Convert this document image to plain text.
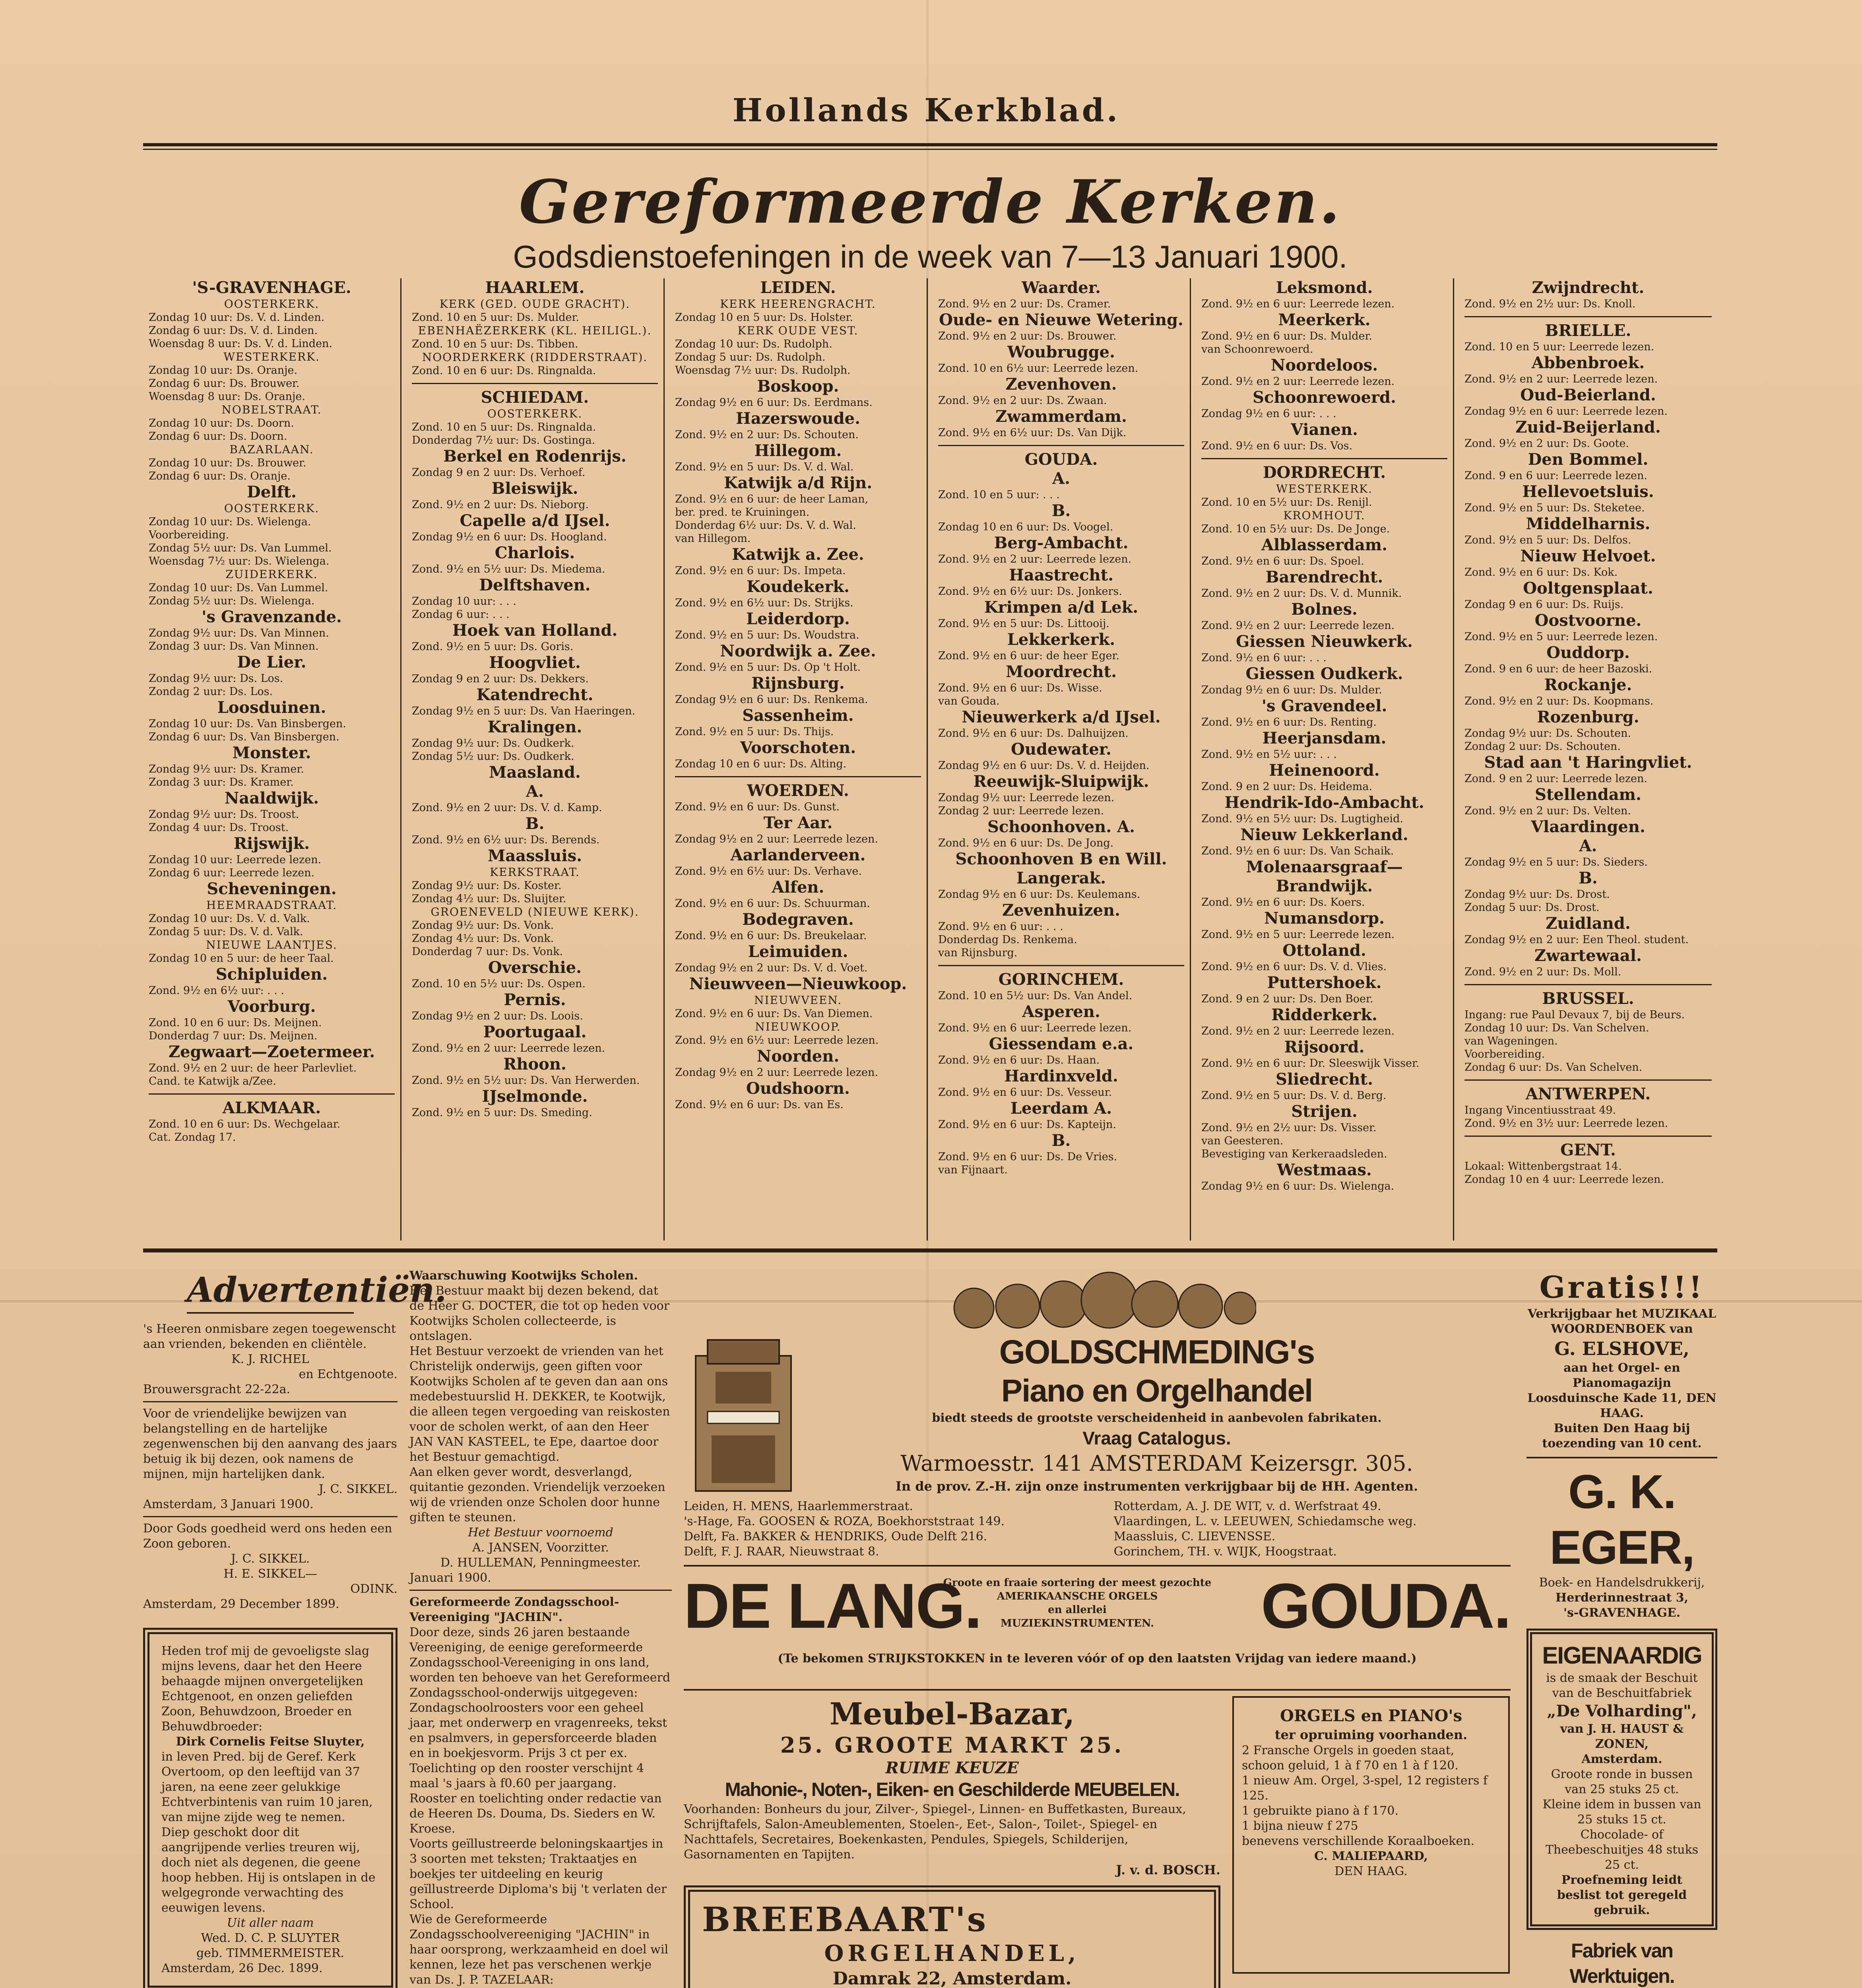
Hollands Kerkblad.
Gereformeerde Kerken.
Godsdienstoefeningen in de week van 7—13 Januari 1900.
'S-GRAVENHAGE.
OOSTERKERK.
Zondag 10 uur: Ds. V. d. Linden.
Zondag 6 uur: Ds. V. d. Linden.
Woensdag 8 uur: Ds. V. d. Linden.
WESTERKERK.
Zondag 10 uur: Ds. Oranje.
Zondag 6 uur: Ds. Brouwer.
Woensdag 8 uur: Ds. Oranje.
NOBELSTRAAT.
Zondag 10 uur: Ds. Doorn.
Zondag 6 uur: Ds. Doorn.
BAZARLAAN.
Zondag 10 uur: Ds. Brouwer.
Zondag 6 uur: Ds. Oranje.
Delft.
OOSTERKERK.
Zondag 10 uur: Ds. Wielenga.
Voorbereiding.
Zondag 5½ uur: Ds. Van Lummel.
Woensdag 7½ uur: Ds. Wielenga.
ZUIDERKERK.
Zondag 10 uur: Ds. Van Lummel.
Zondag 5½ uur: Ds. Wielenga.
's Gravenzande.
Zondag 9½ uur: Ds. Van Minnen.
Zondag 3 uur: Ds. Van Minnen.
De Lier.
Zondag 9½ uur: Ds. Los.
Zondag 2 uur: Ds. Los.
Loosduinen.
Zondag 10 uur: Ds. Van Binsbergen.
Zondag 6 uur: Ds. Van Binsbergen.
Monster.
Zondag 9½ uur: Ds. Kramer.
Zondag 3 uur: Ds. Kramer.
Naaldwijk.
Zondag 9½ uur: Ds. Troost.
Zondag 4 uur: Ds. Troost.
Rijswijk.
Zondag 10 uur: Leerrede lezen.
Zondag 6 uur: Leerrede lezen.
Scheveningen.
HEEMRAADSTRAAT.
Zondag 10 uur: Ds. V. d. Valk.
Zondag 5 uur: Ds. V. d. Valk.
NIEUWE LAANTJES.
Zondag 10 en 5 uur: de heer Taal.
Schipluiden.
Zond. 9½ en 6½ uur: . . .
Voorburg.
Zond. 10 en 6 uur: Ds. Meijnen.
Donderdag 7 uur: Ds. Meijnen.
Zegwaart—Zoetermeer.
Zond. 9½ en 2 uur: de heer Parlevliet.
Cand. te Katwijk a/Zee.
ALKMAAR.
Zond. 10 en 6 uur: Ds. Wechgelaar.
Cat. Zondag 17.
HAARLEM.
KERK (GED. OUDE GRACHT).
Zond. 10 en 5 uur: Ds. Mulder.
EBENHAËZERKERK (KL. HEILIGL.).
Zond. 10 en 5 uur: Ds. Tibben.
NOORDERKERK (RIDDERSTRAAT).
Zond. 10 en 6 uur: Ds. Ringnalda.
SCHIEDAM.
OOSTERKERK.
Zond. 10 en 5 uur: Ds. Ringnalda.
Donderdag 7½ uur: Ds. Gostinga.
Berkel en Rodenrijs.
Zondag 9 en 2 uur: Ds. Verhoef.
Bleiswijk.
Zond. 9½ en 2 uur: Ds. Nieborg.
Capelle a/d IJsel.
Zondag 9½ en 6 uur: Ds. Hoogland.
Charlois.
Zond. 9½ en 5½ uur: Ds. Miedema.
Delftshaven.
Zondag 10 uur: . . .
Zondag 6 uur: . . .
Hoek van Holland.
Zond. 9½ en 5 uur: Ds. Goris.
Hoogvliet.
Zondag 9 en 2 uur: Ds. Dekkers.
Katendrecht.
Zondag 9½ en 5 uur: Ds. Van Haeringen.
Kralingen.
Zondag 9½ uur: Ds. Oudkerk.
Zondag 5½ uur: Ds. Oudkerk.
Maasland.
A.
Zond. 9½ en 2 uur: Ds. V. d. Kamp.
B.
Zond. 9½ en 6½ uur: Ds. Berends.
Maassluis.
KERKSTRAAT.
Zondag 9½ uur: Ds. Koster.
Zondag 4½ uur: Ds. Sluijter.
GROENEVELD (NIEUWE KERK).
Zondag 9½ uur: Ds. Vonk.
Zondag 4½ uur: Ds. Vonk.
Donderdag 7 uur: Ds. Vonk.
Overschie.
Zond. 10 en 5½ uur: Ds. Ospen.
Pernis.
Zondag 9½ en 2 uur: Ds. Loois.
Poortugaal.
Zond. 9½ en 2 uur: Leerrede lezen.
Rhoon.
Zond. 9½ en 5½ uur: Ds. Van Herwerden.
IJselmonde.
Zond. 9½ en 5 uur: Ds. Smeding.
LEIDEN.
KERK HEERENGRACHT.
Zondag 10 en 5 uur: Ds. Holster.
KERK OUDE VEST.
Zondag 10 uur: Ds. Rudolph.
Zondag 5 uur: Ds. Rudolph.
Woensdag 7½ uur: Ds. Rudolph.
Boskoop.
Zondag 9½ en 6 uur: Ds. Eerdmans.
Hazerswoude.
Zond. 9½ en 2 uur: Ds. Schouten.
Hillegom.
Zond. 9½ en 5 uur: Ds. V. d. Wal.
Katwijk a/d Rijn.
Zond. 9½ en 6 uur: de heer Laman,
ber. pred. te Kruiningen.
Donderdag 6½ uur: Ds. V. d. Wal.
van Hillegom.
Katwijk a. Zee.
Zond. 9½ en 6 uur: Ds. Impeta.
Koudekerk.
Zond. 9½ en 6½ uur: Ds. Strijks.
Leiderdorp.
Zond. 9½ en 5 uur: Ds. Woudstra.
Noordwijk a. Zee.
Zond. 9½ en 5 uur: Ds. Op 't Holt.
Rijnsburg.
Zondag 9½ en 6 uur: Ds. Renkema.
Sassenheim.
Zond. 9½ en 5 uur: Ds. Thijs.
Voorschoten.
Zondag 10 en 6 uur: Ds. Alting.
WOERDEN.
Zond. 9½ en 6 uur: Ds. Gunst.
Ter Aar.
Zondag 9½ en 2 uur: Leerrede lezen.
Aarlanderveen.
Zond. 9½ en 6½ uur: Ds. Verhave.
Alfen.
Zond. 9½ en 6 uur: Ds. Schuurman.
Bodegraven.
Zond. 9½ en 6 uur: Ds. Breukelaar.
Leimuiden.
Zondag 9½ en 2 uur: Ds. V. d. Voet.
Nieuwveen—Nieuwkoop.
NIEUWVEEN.
Zond. 9½ en 6 uur: Ds. Van Diemen.
NIEUWKOOP.
Zond. 9½ en 6½ uur: Leerrede lezen.
Noorden.
Zondag 9½ en 2 uur: Leerrede lezen.
Oudshoorn.
Zond. 9½ en 6 uur: Ds. van Es.
Waarder.
Zond. 9½ en 2 uur: Ds. Cramer.
Oude- en Nieuwe Wetering.
Zond. 9½ en 2 uur: Ds. Brouwer.
Woubrugge.
Zond. 10 en 6½ uur: Leerrede lezen.
Zevenhoven.
Zond. 9½ en 2 uur: Ds. Zwaan.
Zwammerdam.
Zond. 9½ en 6½ uur: Ds. Van Dijk.
GOUDA.
A.
Zond. 10 en 5 uur: . . .
B.
Zondag 10 en 6 uur: Ds. Voogel.
Berg-Ambacht.
Zond. 9½ en 2 uur: Leerrede lezen.
Haastrecht.
Zond. 9½ en 6½ uur: Ds. Jonkers.
Krimpen a/d Lek.
Zond. 9½ en 5 uur: Ds. Littooij.
Lekkerkerk.
Zond. 9½ en 6 uur: de heer Eger.
Moordrecht.
Zond. 9½ en 6 uur: Ds. Wisse.
van Gouda.
Nieuwerkerk a/d IJsel.
Zond. 9½ en 6 uur: Ds. Dalhuijzen.
Oudewater.
Zondag 9½ en 6 uur: Ds. V. d. Heijden.
Reeuwijk-Sluipwijk.
Zondag 9½ uur: Leerrede lezen.
Zondag 2 uur: Leerrede lezen.
Schoonhoven. A.
Zond. 9½ en 6 uur: Ds. De Jong.
Schoonhoven B en Will.
Langerak.
Zondag 9½ en 6 uur: Ds. Keulemans.
Zevenhuizen.
Zond. 9½ en 6 uur: . . .
Donderdag Ds. Renkema.
van Rijnsburg.
GORINCHEM.
Zond. 10 en 5½ uur: Ds. Van Andel.
Asperen.
Zond. 9½ en 6 uur: Leerrede lezen.
Giessendam e.a.
Zond. 9½ en 6 uur: Ds. Haan.
Hardinxveld.
Zond. 9½ en 6 uur: Ds. Vesseur.
Leerdam A.
Zond. 9½ en 6 uur: Ds. Kapteijn.
B.
Zond. 9½ en 6 uur: Ds. De Vries.
van Fijnaart.
Leksmond.
Zond. 9½ en 6 uur: Leerrede lezen.
Meerkerk.
Zond. 9½ en 6 uur: Ds. Mulder.
van Schoonrewoerd.
Noordeloos.
Zond. 9½ en 2 uur: Leerrede lezen.
Schoonrewoerd.
Zondag 9½ en 6 uur: . . .
Vianen.
Zond. 9½ en 6 uur: Ds. Vos.
DORDRECHT.
WESTERKERK.
Zond. 10 en 5½ uur: Ds. Renijl.
KROMHOUT.
Zond. 10 en 5½ uur: Ds. De Jonge.
Alblasserdam.
Zond. 9½ en 6 uur: Ds. Spoel.
Barendrecht.
Zond. 9½ en 2 uur: Ds. V. d. Munnik.
Bolnes.
Zond. 9½ en 2 uur: Leerrede lezen.
Giessen Nieuwkerk.
Zond. 9½ en 6 uur: . . .
Giessen Oudkerk.
Zondag 9½ en 6 uur: Ds. Mulder.
's Gravendeel.
Zond. 9½ en 6 uur: Ds. Renting.
Heerjansdam.
Zond. 9½ en 5½ uur: . . .
Heinenoord.
Zond. 9 en 2 uur: Ds. Heidema.
Hendrik-Ido-Ambacht.
Zond. 9½ en 5½ uur: Ds. Lugtigheid.
Nieuw Lekkerland.
Zond. 9½ en 6 uur: Ds. Van Schaik.
Molenaarsgraaf—Brandwijk.
Zond. 9½ en 6 uur: Ds. Koers.
Numansdorp.
Zond. 9½ en 5 uur: Leerrede lezen.
Ottoland.
Zond. 9½ en 6 uur: Ds. V. d. Vlies.
Puttershoek.
Zond. 9 en 2 uur: Ds. Den Boer.
Ridderkerk.
Zond. 9½ en 2 uur: Leerrede lezen.
Rijsoord.
Zond. 9½ en 6 uur: Dr. Sleeswijk Visser.
Sliedrecht.
Zond. 9½ en 5 uur: Ds. V. d. Berg.
Strijen.
Zond. 9½ en 2½ uur: Ds. Visser.
van Geesteren.
Bevestiging van Kerkeraadsleden.
Westmaas.
Zondag 9½ en 6 uur: Ds. Wielenga.
Zwijndrecht.
Zond. 9½ en 2½ uur: Ds. Knoll.
BRIELLE.
Zond. 10 en 5 uur: Leerrede lezen.
Abbenbroek.
Zond. 9½ en 2 uur: Leerrede lezen.
Oud-Beierland.
Zondag 9½ en 6 uur: Leerrede lezen.
Zuid-Beijerland.
Zond. 9½ en 2 uur: Ds. Goote.
Den Bommel.
Zond. 9 en 6 uur: Leerrede lezen.
Hellevoetsluis.
Zond. 9½ en 5 uur: Ds. Steketee.
Middelharnis.
Zond. 9½ en 5 uur: Ds. Delfos.
Nieuw Helvoet.
Zond. 9½ en 6 uur: Ds. Kok.
Ooltgensplaat.
Zondag 9 en 6 uur: Ds. Ruijs.
Oostvoorne.
Zond. 9½ en 5 uur: Leerrede lezen.
Ouddorp.
Zond. 9 en 6 uur: de heer Bazoski.
Rockanje.
Zond. 9½ en 2 uur: Ds. Koopmans.
Rozenburg.
Zondag 9½ uur: Ds. Schouten.
Zondag 2 uur: Ds. Schouten.
Stad aan 't Haringvliet.
Zond. 9 en 2 uur: Leerrede lezen.
Stellendam.
Zond. 9½ en 2 uur: Ds. Velten.
Vlaardingen.
A.
Zondag 9½ en 5 uur: Ds. Sieders.
B.
Zondag 9½ uur: Ds. Drost.
Zondag 5 uur: Ds. Drost.
Zuidland.
Zondag 9½ en 2 uur: Een Theol. student.
Zwartewaal.
Zond. 9½ en 2 uur: Ds. Moll.
BRUSSEL.
Ingang: rue Paul Devaux 7, bij de Beurs.
Zondag 10 uur: Ds. Van Schelven.
van Wageningen.
Voorbereiding.
Zondag 6 uur: Ds. Van Schelven.
ANTWERPEN.
Ingang Vincentiusstraat 49.
Zond. 9½ en 3½ uur: Leerrede lezen.
GENT.
Lokaal: Wittenbergstraat 14.
Zondag 10 en 4 uur: Leerrede lezen.
Advertentiën.
's Heeren onmisbare zegen toegewenscht aan vrienden, bekenden en cliëntèle.
K. J. RICHEL
en Echtgenoote.
Brouwersgracht 22-22a.
Voor de vriendelijke bewijzen van belangstelling en de hartelijke zegenwenschen bij den aanvang des jaars betuig ik bij dezen, ook namens de mijnen, mijn hartelijken dank.
J. C. SIKKEL.
Amsterdam, 3 Januari 1900.
Door Gods goedheid werd ons heden een Zoon geboren.
J. C. SIKKEL.
H. E. SIKKEL—
ODINK.
Amsterdam, 29 December 1899.
Heden trof mij de gevoeligste slag mijns levens, daar het den Heere behaagde mijnen onvergetelijken Echtgenoot, en onzen geliefden Zoon, Behuwdzoon, Broeder en Behuwdbroeder:
Dirk Cornelis Feitse Sluyter,
in leven Pred. bij de Geref. Kerk Overtoom, op den leeftijd van 37 jaren, na eene zeer gelukkige Echtverbintenis van ruim 10 jaren, van mijne zijde weg te nemen.
Diep geschokt door dit aangrijpende verlies treuren wij, doch niet als degenen, die geene hoop hebben. Hij is ontslapen in de welgegronde verwachting des eeuwigen levens.
Uit aller naam
Wed. D. C. P. SLUYTER
geb. TIMMERMEISTER.
Amsterdam, 26 Dec. 1899.
Waarschuwing Kootwijks Scholen.
Het Bestuur maakt bij dezen bekend, dat de Heer G. DOCTER, die tot op heden voor Kootwijks Scholen collecteerde, is ontslagen.
Het Bestuur verzoekt de vrienden van het Christelijk onderwijs, geen giften voor Kootwijks Scholen af te geven dan aan ons medebestuurslid H. DEKKER, te Kootwijk, die alleen tegen vergoeding van reiskosten voor de scholen werkt, of aan den Heer JAN VAN KASTEEL, te Epe, daartoe door het Bestuur gemachtigd.
Aan elken gever wordt, desverlangd, quitantie gezonden. Vriendelijk verzoeken wij de vrienden onze Scholen door hunne giften te steunen.
Het Bestuur voornoemd
A. JANSEN, Voorzitter.
D. HULLEMAN, Penningmeester.
Januari 1900.
Gereformeerde Zondagsschool-Vereeniging "JACHIN".
Door deze, sinds 26 jaren bestaande Vereeniging, de eenige gereformeerde Zondagsschool-Vereeniging in ons land, worden ten behoeve van het Gereformeerd Zondagsschool-onderwijs uitgegeven:
Zondagschoolroosters voor een geheel jaar, met onderwerp en vragenreeks, tekst en psalmvers, in gepersforceerde bladen en in boekjesvorm. Prijs 3 ct per ex.
Toelichting op den rooster verschijnt 4 maal 's jaars à f0.60 per jaargang.
Rooster en toelichting onder redactie van de Heeren Ds. Douma, Ds. Sieders en W. Kroese.
Voorts geïllustreerde beloningskaartjes in 3 soorten met teksten; Traktaatjes en boekjes ter uitdeeling en keurig geïllustreerde Diploma's bij 't verlaten der School.
Wie de Gereformeerde Zondagsschoolvereeniging "JACHIN" in haar oorsprong, werkzaamheid en doel wil kennen, leze het pas verschenen werkje van Ds. J. P. TAZELAAR:
GOLDSCHMEDING's
Piano en Orgelhandel
biedt steeds de grootste verscheidenheid in aanbevolen fabrikaten.
Vraag Catalogus.
Warmoesstr. 141 AMSTERDAM Keizersgr. 305.
In de prov. Z.-H. zijn onze instrumenten verkrijgbaar bij de HH. Agenten.
Leiden, H. MENS, Haarlemmerstraat.
's-Hage, Fa. GOOSEN & ROZA, Boekhorststraat 149.
Delft, Fa. BAKKER & HENDRIKS, Oude Delft 216.
Delft, F. J. RAAR, Nieuwstraat 8.
Rotterdam, A. J. DE WIT, v. d. Werfstraat 49.
Vlaardingen, L. v. LEEUWEN, Schiedamsche weg.
Maassluis, C. LIEVENSSE.
Gorinchem, TH. v. WIJK, Hoogstraat.
DE LANG.
Groote en fraaie sortering der meest gezochte
AMERIKAANSCHE ORGELS
en allerlei
MUZIEKINSTRUMENTEN.	GOUDA.
(Te bekomen STRIJKSTOKKEN in te leveren vóór of op den laatsten Vrijdag van iedere maand.)
Meubel-Bazar,
25. GROOTE MARKT 25.
RUIME KEUZE
Mahonie-, Noten-, Eiken- en Geschilderde MEUBELEN.
Voorhanden: Bonheurs du jour, Zilver-, Spiegel-, Linnen- en Buffetkasten, Bureaux, Schrijftafels, Salon-Ameublementen, Stoelen-, Eet-, Salon-, Toilet-, Spiegel- en Nachttafels, Secretaires, Boekenkasten, Pendules, Spiegels, Schilderijen, Gasornamenten en Tapijten.
J. v. d. BOSCH.
BREEBAART's
ORGELHANDEL,
Damrak 22, Amsterdam.
ORGELS en PIANO's
ter opruiming voorhanden.
2 Fransche Orgels in goeden staat, schoon geluid, 1 à f 70 en 1 à f 120.
1 nieuw Am. Orgel, 3-spel, 12 registers f 125.
1 gebruikte piano à f 170.
1 bijna nieuw f 275
benevens verschillende Koraalboeken.
C. MALIEPAARD,
DEN HAAG.
Gratis!!!
Verkrijgbaar het MUZIKAAL WOORDENBOEK van
G. ELSHOVE,
aan het Orgel- en Pianomagazijn
Loosduinsche Kade 11, DEN HAAG.
Buiten Den Haag bij toezending van 10 cent.
G. K. EGER,
Boek- en Handelsdrukkerij,
Herderinnestraat 3,
's-GRAVENHAGE.
EIGENAARDIG
is de smaak der Beschuit van de Beschuitfabriek
„De Volharding",
van J. H. HAUST & ZONEN,
Amsterdam.
Groote ronde in bussen van 25 stuks 25 ct.
Kleine idem in bussen van 25 stuks 15 ct.
Chocolade- of Theebeschuitjes 48 stuks 25 ct.
Proefneming leidt beslist tot geregeld gebruik.
Fabriek van Werktuigen.
